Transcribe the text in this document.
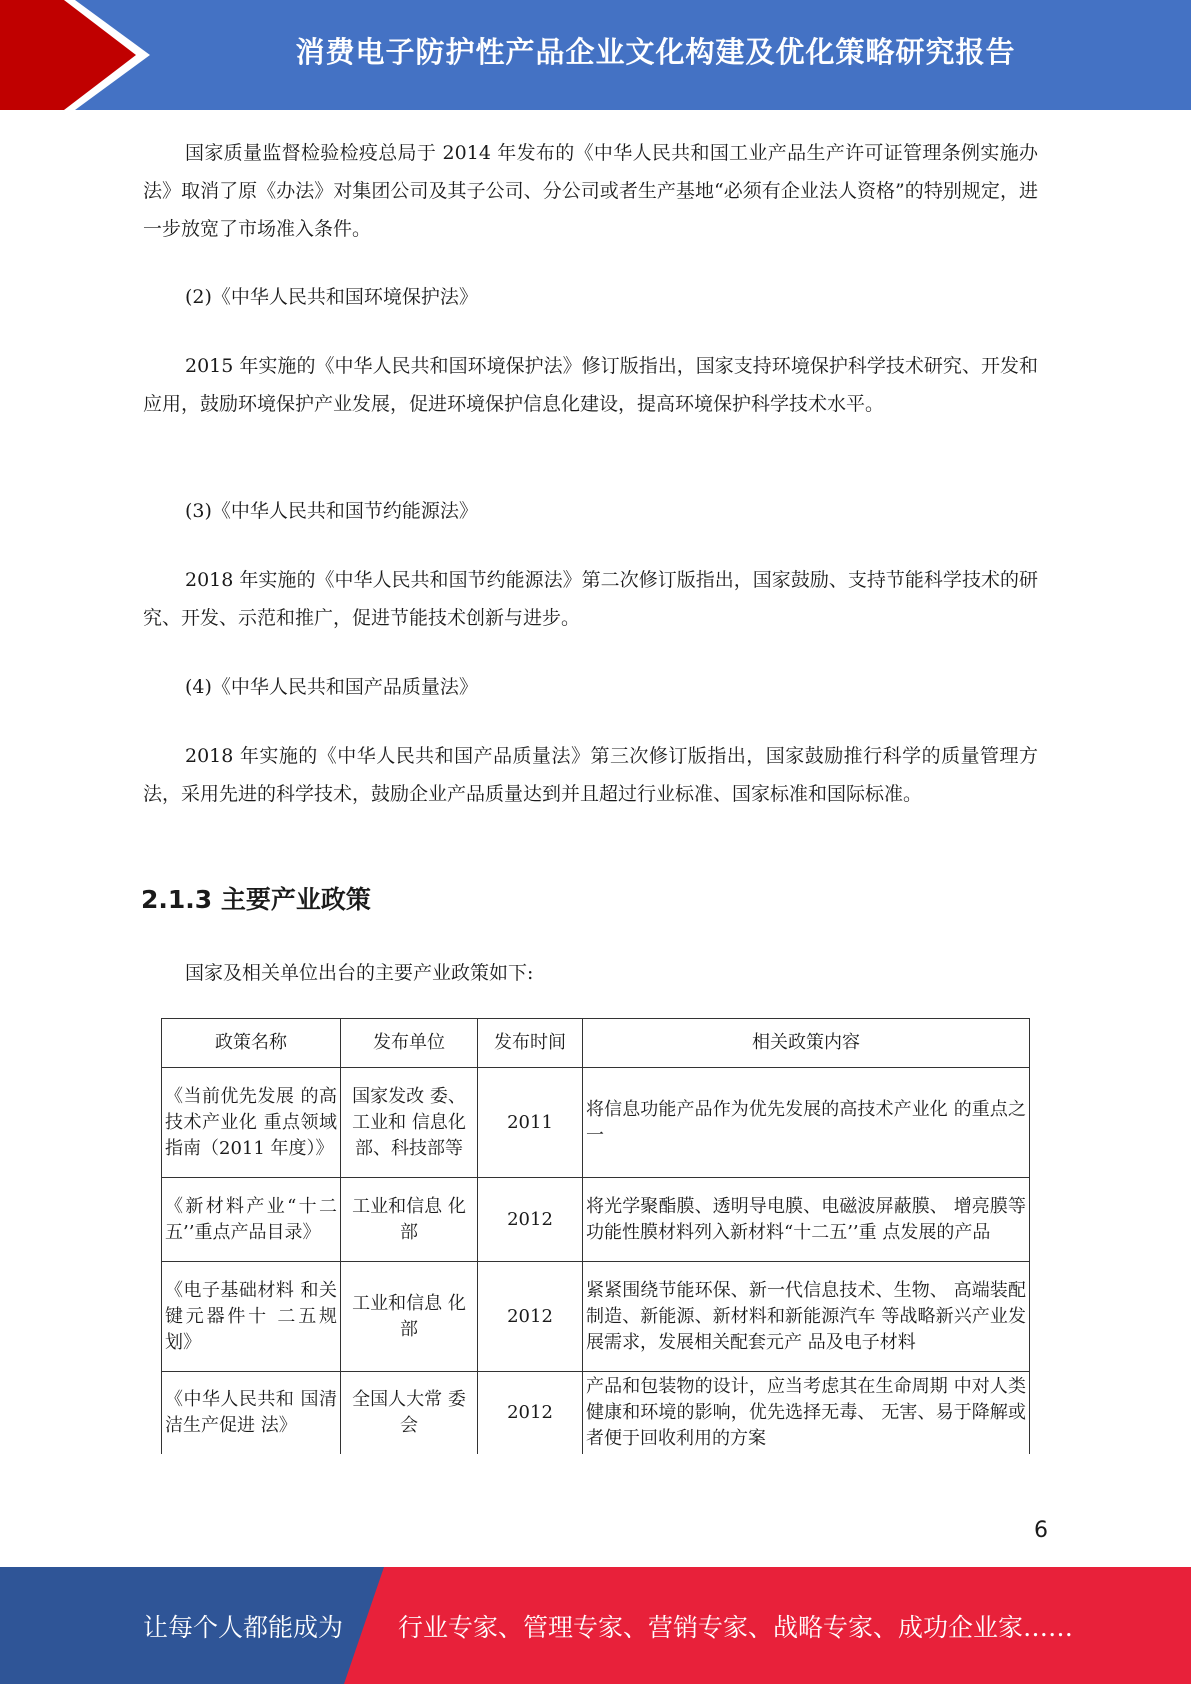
消费电子防护性产品企业文化构建及优化策略研究报告

国家质量监督检验检疫总局于 2014 年发布的《中华人民共和国工业产品生产许可证管理条例实施办法》取消了原《办法》对集团公司及其子公司、分公司或者生产基地“必须有企业法人资格”的特别规定，进一步放宽了市场准入条件。

(2)《中华人民共和国环境保护法》

2015 年实施的《中华人民共和国环境保护法》修订版指出，国家支持环境保护科学技术研究、开发和应用，鼓励环境保护产业发展，促进环境保护信息化建设，提高环境保护科学技术水平。

(3)《中华人民共和国节约能源法》

2018 年实施的《中华人民共和国节约能源法》第二次修订版指出，国家鼓励、支持节能科学技术的研究、开发、示范和推广，促进节能技术创新与进步。

(4)《中华人民共和国产品质量法》

2018 年实施的《中华人民共和国产品质量法》第三次修订版指出，国家鼓励推行科学的质量管理方法，采用先进的科学技术，鼓励企业产品质量达到并且超过行业标准、国家标准和国际标准。

2.1.3 主要产业政策

国家及相关单位出台的主要产业政策如下:

政策名称	发布单位	发布时间	相关政策内容
《当前优先发展 的高技术产业化 重点领域指南（2011 年度）》	国家发改 委、工业和 信息化部、科技部等	2011	将信息功能产品作为优先发展的高技术产业化 的重点之一
《新材料产业“十二五’’重点产品目录》	工业和信息 化部	2012	将光学聚酯膜、透明导电膜、电磁波屏蔽膜、 增亮膜等功能性膜材料列入新材料“十二五’’重 点发展的产品
《电子基础材料 和关键元器件十 二五规划》	工业和信息 化部	2012	紧紧围绕节能环保、新一代信息技术、生物、 高端装配制造、新能源、新材料和新能源汽车 等战略新兴产业发展需求，发展相关配套元产 品及电子材料
《中华人民共和 国清洁生产促进 法》	全国人大常 委会	2012	产品和包装物的设计，应当考虑其在生命周期 中对人类健康和环境的影响，优先选择无毒、 无害、易于降解或者便于回收利用的方案
6
让每个人都能成为 行业专家、管理专家、营销专家、战略专家、成功企业家……
